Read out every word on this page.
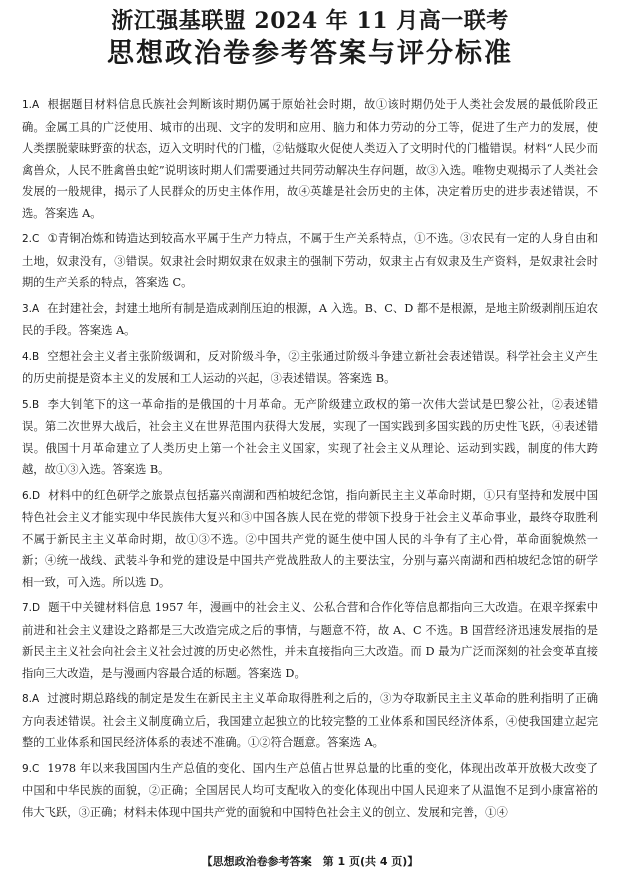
浙江强基联盟 2024 年 11 月高一联考
思想政治卷参考答案与评分标准

1.A 根据题目材料信息氏族社会判断该时期仍属于原始社会时期，故①该时期仍处于人类社会发展的最低阶段正确。金属工具的广泛使用、城市的出现、文字的发明和应用、脑力和体力劳动的分工等，促进了生产力的发展，使人类摆脱蒙昧野蛮的状态，迈入文明时代的门槛，②钻燧取火促使人类迈入了文明时代的门槛错误。材料“人民少而禽兽众，人民不胜禽兽虫蛇”说明该时期人们需要通过共同劳动解决生存问题，故③入选。唯物史观揭示了人类社会发展的一般规律，揭示了人民群众的历史主体作用，故④英雄是社会历史的主体，决定着历史的进步表述错误，不选。答案选 A。

2.C ①青铜冶炼和铸造达到较高水平属于生产力特点，不属于生产关系特点，①不选。③农民有一定的人身自由和土地，奴隶没有，③错误。奴隶社会时期奴隶在奴隶主的强制下劳动，奴隶主占有奴隶及生产资料，是奴隶社会时期的生产关系的特点，答案选 C。

3.A 在封建社会，封建土地所有制是造成剥削压迫的根源，A 入选。B、C、D 都不是根源，是地主阶级剥削压迫农民的手段。答案选 A。

4.B 空想社会主义者主张阶级调和，反对阶级斗争，②主张通过阶级斗争建立新社会表述错误。科学社会主义产生的历史前提是资本主义的发展和工人运动的兴起，③表述错误。答案选 B。

5.B 李大钊笔下的这一革命指的是俄国的十月革命。无产阶级建立政权的第一次伟大尝试是巴黎公社，②表述错误。第二次世界大战后，社会主义在世界范围内获得大发展，实现了一国实践到多国实践的历史性飞跃，④表述错误。俄国十月革命建立了人类历史上第一个社会主义国家，实现了社会主义从理论、运动到实践，制度的伟大跨越，故①③入选。答案选 B。

6.D 材料中的红色研学之旅景点包括嘉兴南湖和西柏坡纪念馆，指向新民主主义革命时期，①只有坚持和发展中国特色社会主义才能实现中华民族伟大复兴和③中国各族人民在党的带领下投身于社会主义革命事业，最终夺取胜利不属于新民主主义革命时期，故①③不选。②中国共产党的诞生使中国人民的斗争有了主心骨，革命面貌焕然一新；④统一战线、武装斗争和党的建设是中国共产党战胜敌人的主要法宝，分别与嘉兴南湖和西柏坡纪念馆的研学相一致，可入选。所以选 D。

7.D 题干中关键材料信息 1957 年，漫画中的社会主义、公私合营和合作化等信息都指向三大改造。在艰辛探索中前进和社会主义建设之路都是三大改造完成之后的事情，与题意不符，故 A、C 不选。B 国营经济迅速发展指的是新民主主义社会向社会主义社会过渡的历史必然性，并未直接指向三大改造。而 D 最为广泛而深刻的社会变革直接指向三大改造，是与漫画内容最合适的标题。答案选 D。

8.A 过渡时期总路线的制定是发生在新民主主义革命取得胜利之后的，③为夺取新民主主义革命的胜利指明了正确方向表述错误。社会主义制度确立后，我国建立起独立的比较完整的工业体系和国民经济体系，④使我国建立起完整的工业体系和国民经济体系的表述不准确。①②符合题意。答案选 A。

9.C 1978 年以来我国国内生产总值的变化、国内生产总值占世界总量的比重的变化，体现出改革开放极大改变了中国和中华民族的面貌，②正确；全国居民人均可支配收入的变化体现出中国人民迎来了从温饱不足到小康富裕的伟大飞跃，③正确；材料未体现中国共产党的面貌和中国特色社会主义的创立、发展和完善，①④

【思想政治卷参考答案　第 1 页(共 4 页)】
